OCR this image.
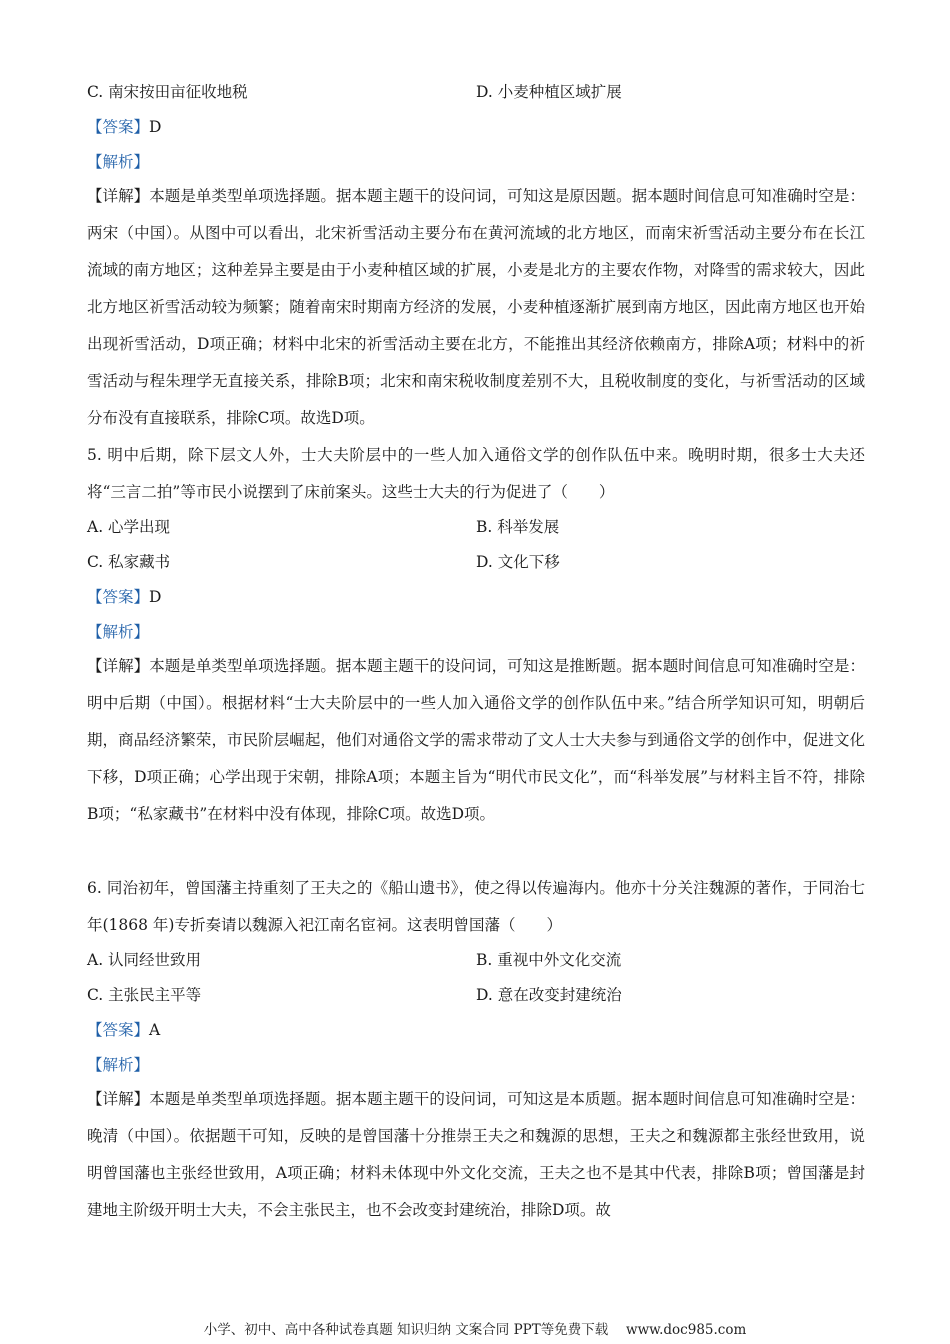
C. 南宋按田亩征收地税	D. 小麦种植区域扩展
【答案】D
【解析】
【详解】本题是单类型单项选择题。据本题主题干的设问词，可知这是原因题。据本题时间信息可知准确时空是：两宋（中国）。从图中可以看出，北宋祈雪活动主要分布在黄河流域的北方地区，而南宋祈雪活动主要分布在长江流域的南方地区；这种差异主要是由于小麦种植区域的扩展，小麦是北方的主要农作物，对降雪的需求较大，因此北方地区祈雪活动较为频繁；随着南宋时期南方经济的发展，小麦种植逐渐扩展到南方地区，因此南方地区也开始出现祈雪活动，D项正确；材料中北宋的祈雪活动主要在北方，不能推出其经济依赖南方，排除A项；材料中的祈雪活动与程朱理学无直接关系，排除B项；北宋和南宋税收制度差别不大，且税收制度的变化，与祈雪活动的区域分布没有直接联系，排除C项。故选D项。
5. 明中后期，除下层文人外，士大夫阶层中的一些人加入通俗文学的创作队伍中来。晚明时期，很多士大夫还将“三言二拍”等市民小说摆到了床前案头。这些士大夫的行为促进了（　　）
A. 心学出现	B. 科举发展
C. 私家藏书	D. 文化下移
【答案】D
【解析】
【详解】本题是单类型单项选择题。据本题主题干的设问词，可知这是推断题。据本题时间信息可知准确时空是：明中后期（中国）。根据材料“士大夫阶层中的一些人加入通俗文学的创作队伍中来。”结合所学知识可知，明朝后期，商品经济繁荣，市民阶层崛起，他们对通俗文学的需求带动了文人士大夫参与到通俗文学的创作中，促进文化下移，D项正确；心学出现于宋朝，排除A项；本题主旨为“明代市民文化”，而“科举发展”与材料主旨不符，排除B项；“私家藏书”在材料中没有体现，排除C项。故选D项。
6. 同治初年，曾国藩主持重刻了王夫之的《船山遗书》，使之得以传遍海内。他亦十分关注魏源的著作，于同治七年(1868 年)专折奏请以魏源入祀江南名宦祠。这表明曾国藩（　　）
A. 认同经世致用	B. 重视中外文化交流
C. 主张民主平等	D. 意在改变封建统治
【答案】A
【解析】
【详解】本题是单类型单项选择题。据本题主题干的设问词，可知这是本质题。据本题时间信息可知准确时空是：晚清（中国）。依据题干可知，反映的是曾国藩十分推崇王夫之和魏源的思想，王夫之和魏源都主张经世致用，说明曾国藩也主张经世致用，A项正确；材料未体现中外文化交流，王夫之也不是其中代表，排除B项；曾国藩是封建地主阶级开明士大夫，不会主张民主，也不会改变封建统治，排除D项。故
小学、初中、高中各种试卷真题 知识归纳 文案合同 PPT等免费下载　 www.doc985.com
